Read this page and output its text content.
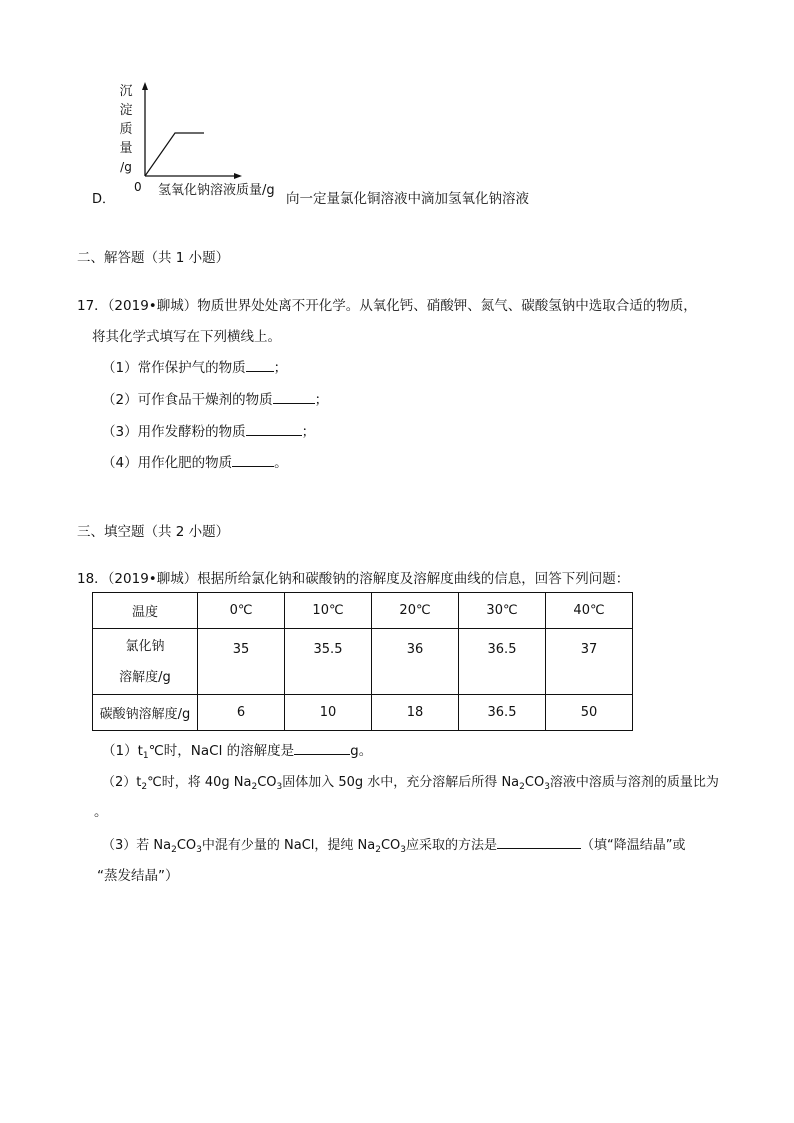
沉
淀
质
量
/g
0 氢氧化钠溶液质量/g
D．	向一定量氯化铜溶液中滴加氢氧化钠溶液
二、解答题（共 1 小题）
17．（2019•聊城）物质世界处处离不开化学。从氧化钙、硝酸钾、氮气、碳酸氢钠中选取合适的物质，
将其化学式填写在下列横线上。
（1）常作保护气的物质 ；
（2）可作食品干燥剂的物质	；
（3）用作发酵粉的物质	；
（4）用作化肥的物质	。
三、填空题（共 2 小题）
18．（2019•聊城）根据所给氯化钠和碳酸钠的溶解度及溶解度曲线的信息，回答下列问题：
温度	0℃	10℃	20℃	30℃	40℃

氯化钠
溶解度/g	35	35.5	36	36.5	37
碳酸钠溶解度/g	6	10	18	36.5	50
$(1)t_1℃$时，NaCl 的溶解度是	g。
$(2)t_2℃$时，将 40g $Na_2CO_3$固体加入 50g 水中，充分溶解后所得 $Na_2CO_3$溶液中溶质与溶剂的质量比为
。
（3）若 $Na_2CO_3$中混有少量的 NaCl，提纯 $Na_2CO_3$应采取的方法是	（填“降温结晶”或
“蒸发结晶”）
